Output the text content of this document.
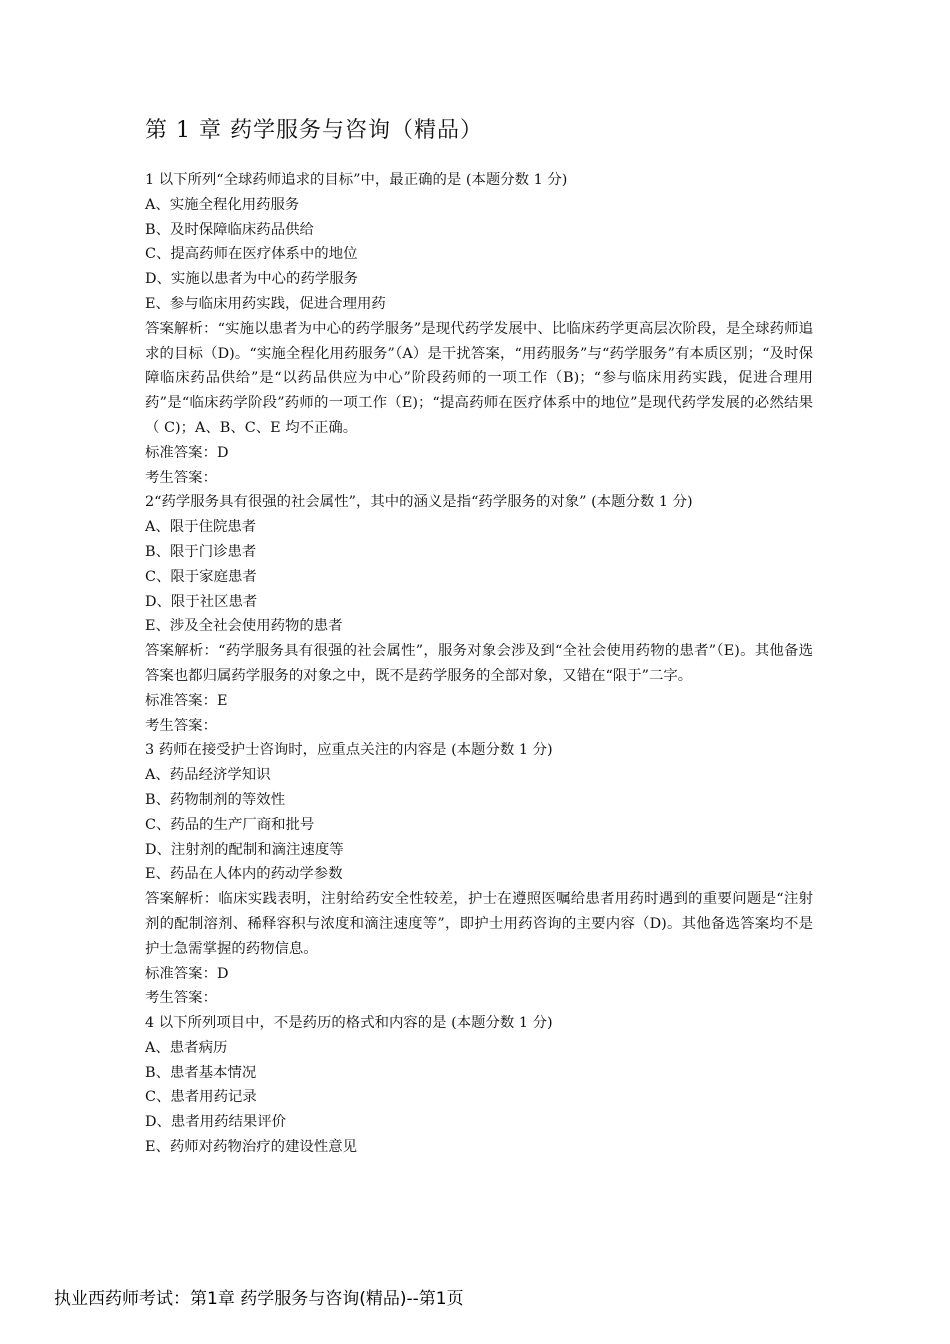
第 1 章 药学服务与咨询（精品）

1 以下所列“全球药师追求的目标”中，最正确的是 (本题分数 1 分)

A、实施全程化用药服务

B、及时保障临床药品供给

C、提高药师在医疗体系中的地位

D、实施以患者为中心的药学服务

E、参与临床用药实践，促进合理用药

答案解析：“实施以患者为中心的药学服务”是现代药学发展中、比临床药学更高层次阶段，是全球药师追求的目标（D)。“实施全程化用药服务”（A）是干扰答案，“用药服务”与“药学服务”有本质区别；“及时保障临床药品供给”是“以药品供应为中心”阶段药师的一项工作（B)；“参与临床用药实践，促进合理用药”是“临床药学阶段”药师的一项工作（E)；“提高药师在医疗体系中的地位”是现代药学发展的必然结果（ C)；A、B、C、E 均不正确。

标准答案：D

考生答案：

2“药学服务具有很强的社会属性”，其中的涵义是指“药学服务的对象” (本题分数 1 分)

A、限于住院患者

B、限于门诊患者

C、限于家庭患者

D、限于社区患者

E、涉及全社会使用药物的患者

答案解析：“药学服务具有很强的社会属性”，服务对象会涉及到“全社会使用药物的患者”（E)。其他备选答案也都归属药学服务的对象之中，既不是药学服务的全部对象，又错在“限于”二字。

标准答案：E

考生答案：

3 药师在接受护士咨询时，应重点关注的内容是 (本题分数 1 分)

A、药品经济学知识

B、药物制剂的等效性

C、药品的生产厂商和批号

D、注射剂的配制和滴注速度等

E、药品在人体内的药动学参数

答案解析：临床实践表明，注射给药安全性较差，护士在遵照医嘱给患者用药时遇到的重要问题是“注射剂的配制溶剂、稀释容积与浓度和滴注速度等”，即护士用药咨询的主要内容（D)。其他备选答案均不是护士急需掌握的药物信息。

标准答案：D

考生答案：

4 以下所列项目中，不是药历的格式和内容的是 (本题分数 1 分)

A、患者病历

B、患者基本情况

C、患者用药记录

D、患者用药结果评价

E、药师对药物治疗的建设性意见

执业西药师考试：第1章 药学服务与咨询(精品)--第1页
